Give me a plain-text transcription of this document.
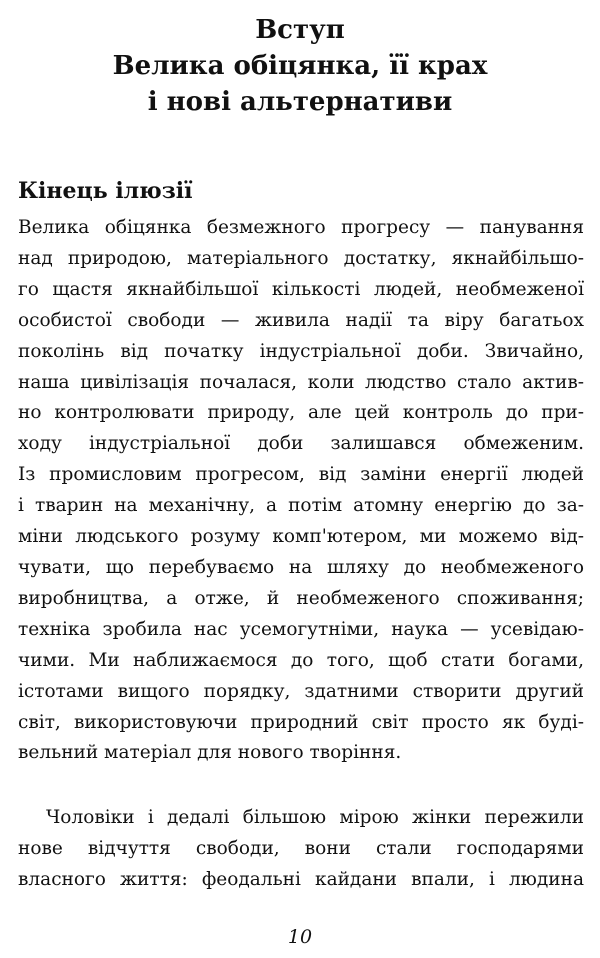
Вступ
Велика обіцянка, її крах
і нові альтернативи
Кінець ілюзії
Велика обіцянка безмежного прогресу — панування
над природою, матеріального достатку, якнайбільшо-
го щастя якнайбільшої кількості людей, необмеженої
особистої свободи — живила надії та віру багатьох
поколінь від початку індустріальної доби. Звичайно,
наша цивілізація почалася, коли людство стало актив-
но контролювати природу, але цей контроль до при-
ходу індустріальної доби залишався обмеженим.
Із промисловим прогресом, від заміни енергії людей
і тварин на механічну, а потім атомну енергію до за-
міни людського розуму комп'ютером, ми можемо від-
чувати, що перебуваємо на шляху до необмеженого
виробництва, а отже, й необмеженого споживання;
техніка зробила нас усемогутніми, наука — усевідаю-
чими. Ми наближаємося до того, щоб стати богами,
істотами вищого порядку, здатними створити другий
світ, використовуючи природний світ просто як буді-
вельний матеріал для нового творіння.
Чоловіки і дедалі більшою мірою жінки пережили
нове відчуття свободи, вони стали господарями
власного життя: феодальні кайдани впали, і людина
10
